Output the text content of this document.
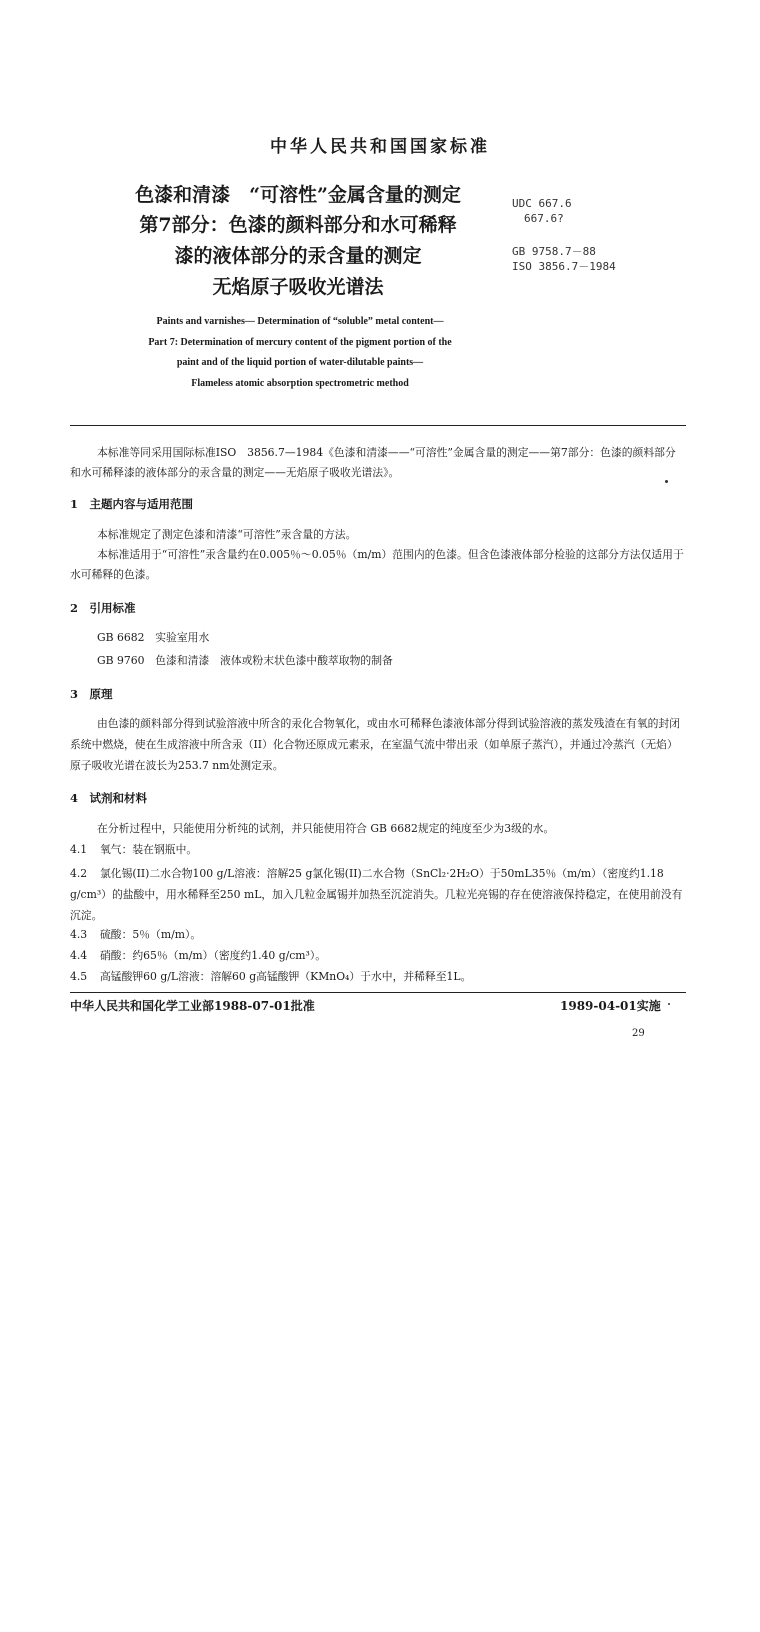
中华人民共和国国家标准
色漆和清漆　“可溶性”金属含量的测定
第7部分：色漆的颜料部分和水可稀释
漆的液体部分的汞含量的测定
无焰原子吸收光谱法
UDC 667.6
667.6?
GB 9758.7－88
ISO 3856.7－1984
Paints and varnishes— Determination of “soluble” metal content—
Part 7: Determination of mercury content of the pigment portion of the
paint and of the liquid portion of water-dilutable paints—
Flameless atomic absorption spectrometric method
本标准等同采用国际标准ISO　3856.7—1984《色漆和清漆——“可溶性”金属含量的测定——第7部分：色漆的颜料部分和水可稀释漆的液体部分的汞含量的测定——无焰原子吸收光谱法》。
1　主题内容与适用范围
本标准规定了测定色漆和清漆“可溶性”汞含量的方法。
本标准适用于“可溶性”汞含量约在0.005％～0.05％（m/m）范围内的色漆。但含色漆液体部分检验的这部分方法仅适用于水可稀释的色漆。
2　引用标准
GB 6682　实验室用水
GB 9760　色漆和清漆　液体或粉末状色漆中酸萃取物的制备
3　原理
由色漆的颜料部分得到试验溶液中所含的汞化合物氧化，或由水可稀释色漆液体部分得到试验溶液的蒸发残渣在有氧的封闭系统中燃烧，使在生成溶液中所含汞（II）化合物还原成元素汞，在室温气流中带出汞（如单原子蒸汽），并通过冷蒸汽（无焰）原子吸收光谱在波长为253.7 nm处测定汞。
4　试剂和材料
在分析过程中，只能使用分析纯的试剂，并只能使用符合 GB 6682规定的纯度至少为3级的水。
4.1 氧气：装在钢瓶中。
4.2 氯化锡(II)二水合物100 g/L溶液：溶解25 g氯化锡(II)二水合物（SnCl₂·2H₂O）于50mL35％（m/m）（密度约1.18 g/cm³）的盐酸中，用水稀释至250 mL，加入几粒金属锡并加热至沉淀消失。几粒光亮锡的存在使溶液保持稳定，在使用前没有沉淀。
4.3 硫酸：5％（m/m）。
4.4 硝酸：约65％（m/m）（密度约1.40 g/cm³）。
4.5 高锰酸钾60 g/L溶液：溶解60 g高锰酸钾（KMnO₄）于水中，并稀释至1L。
中华人民共和国化学工业部1988-07-01批准	1989-04-01实施
29
